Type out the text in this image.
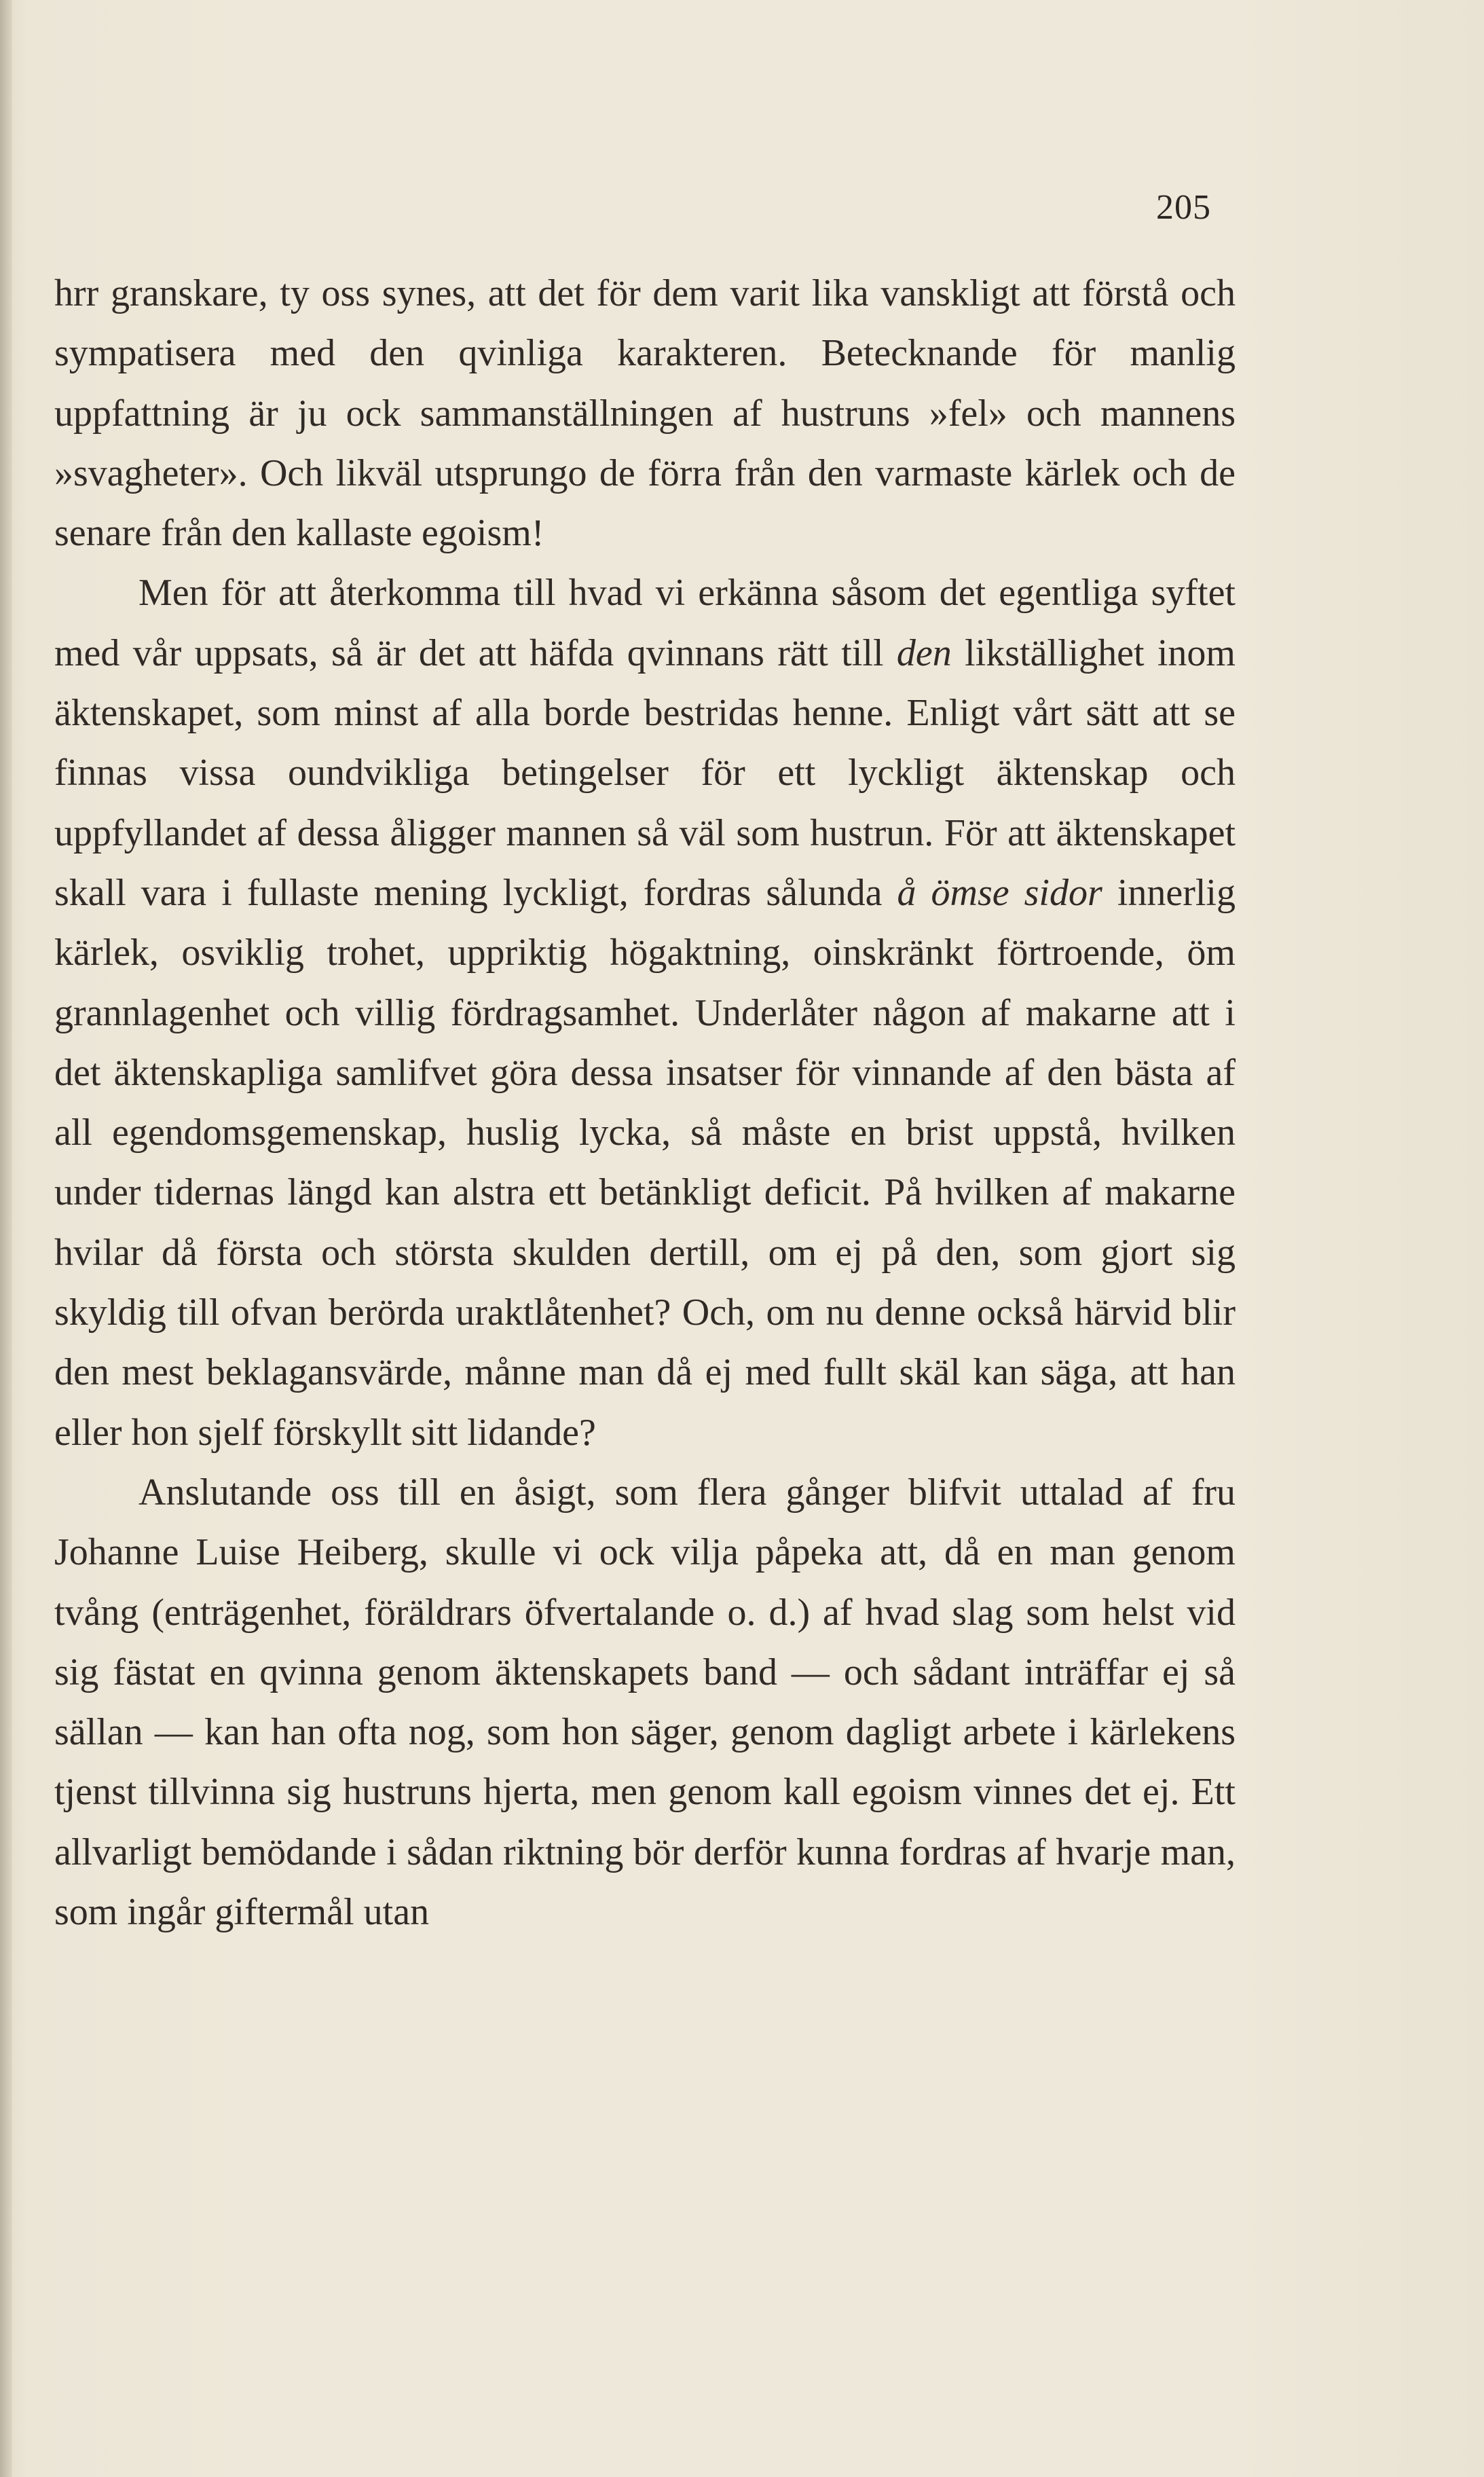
205

hrr granskare, ty oss synes, att det för dem varit lika vanskligt att förstå och sympatisera med den qvinliga karakteren. Betecknande för manlig uppfattning är ju ock sammanställningen af hustruns »fel» och mannens »svagheter». Och likväl utsprungo de förra från den varmaste kärlek och de senare från den kallaste egoism!

Men för att återkomma till hvad vi erkänna såsom det egentliga syftet med vår uppsats, så är det att häfda qvinnans rätt till den likställighet inom äktenskapet, som minst af alla borde bestridas henne. Enligt vårt sätt att se finnas vissa oundvikliga betingelser för ett lyckligt äktenskap och uppfyllandet af dessa åligger mannen så väl som hustrun. För att äktenskapet skall vara i fullaste mening lyckligt, fordras sålunda å ömse sidor innerlig kärlek, osviklig trohet, uppriktig högaktning, oinskränkt förtroende, öm grannlagenhet och villig fördragsamhet. Underlåter någon af makarne att i det äktenskapliga samlifvet göra dessa insatser för vinnande af den bästa af all egendomsgemenskap, huslig lycka, så måste en brist uppstå, hvilken under tidernas längd kan alstra ett betänkligt deficit. På hvilken af makarne hvilar då första och största skulden dertill, om ej på den, som gjort sig skyldig till ofvan berörda uraktlåtenhet? Och, om nu denne också härvid blir den mest beklagansvärde, månne man då ej med fullt skäl kan säga, att han eller hon sjelf förskyllt sitt lidande?

Anslutande oss till en åsigt, som flera gånger blifvit uttalad af fru Johanne Luise Heiberg, skulle vi ock vilja påpeka att, då en man genom tvång (enträgenhet, föräldrars öfvertalande o. d.) af hvad slag som helst vid sig fästat en qvinna genom äktenskapets band — och sådant inträffar ej så sällan — kan han ofta nog, som hon säger, genom dagligt arbete i kärlekens tjenst tillvinna sig hustruns hjerta, men genom kall egoism vinnes det ej. Ett allvarligt bemödande i sådan riktning bör derför kunna fordras af hvarje man, som ingår giftermål utan
